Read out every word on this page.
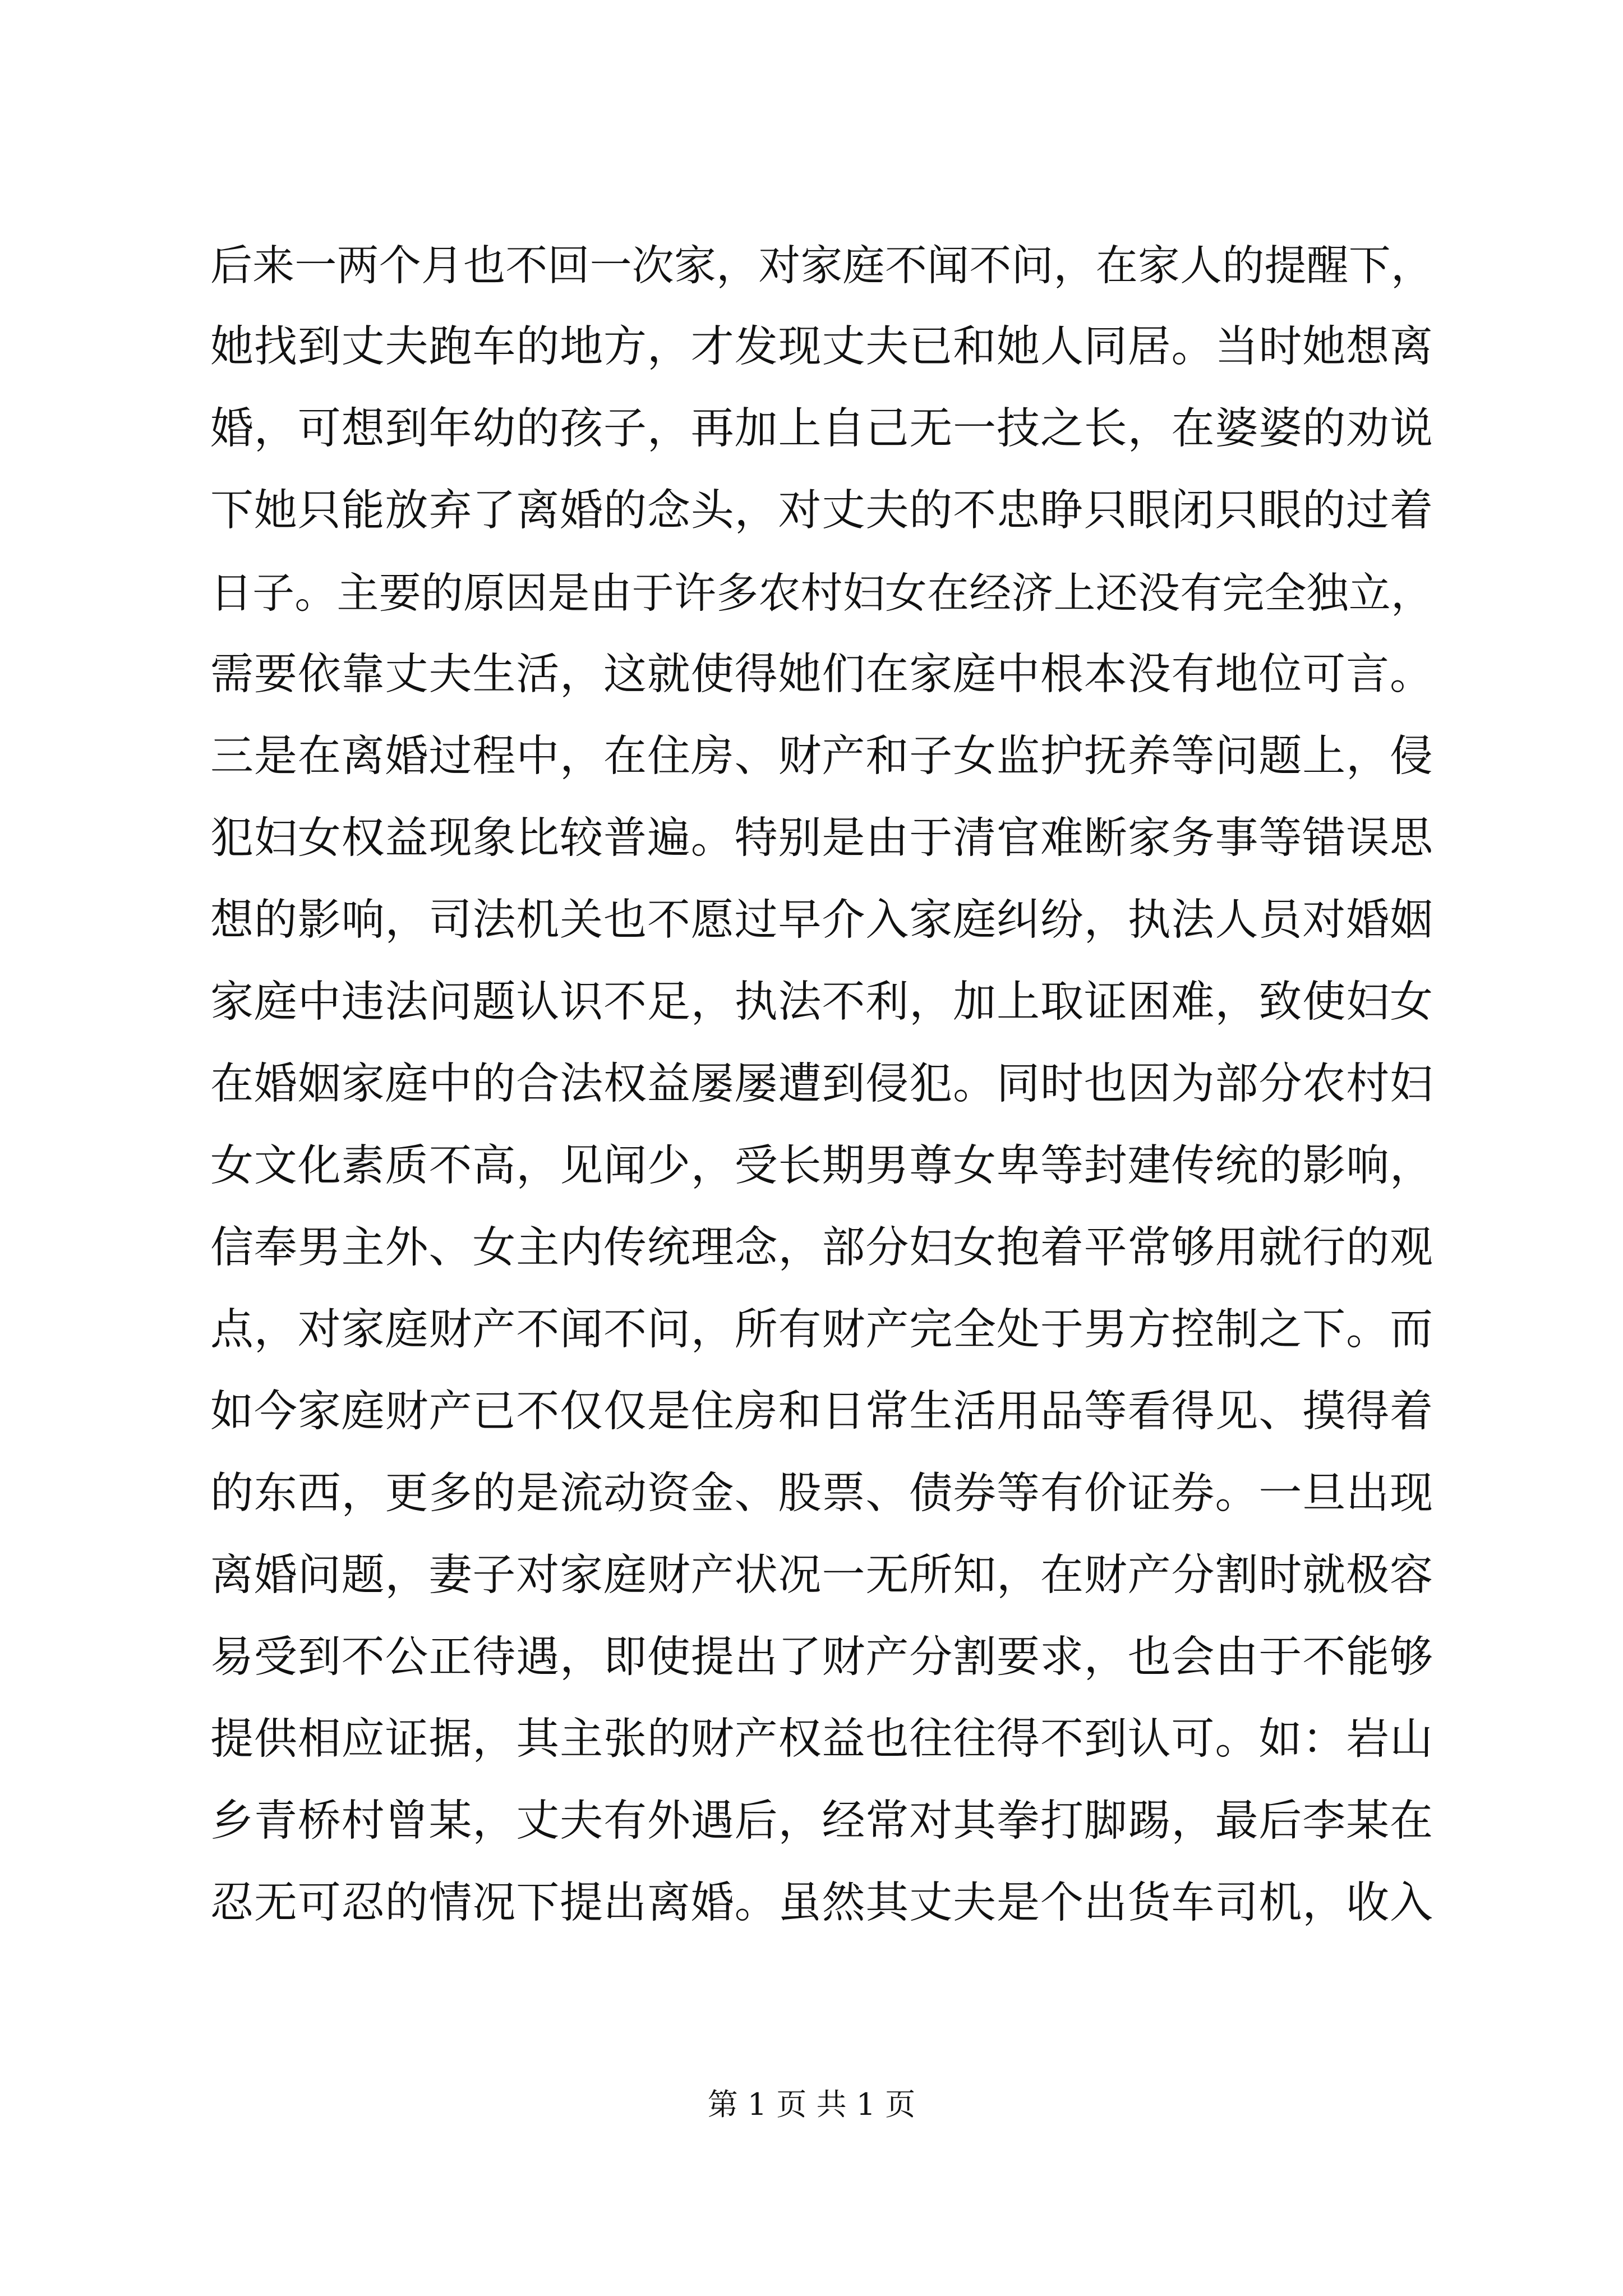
后来一两个月也不回一次家，对家庭不闻不问，在家人的提醒下，
她找到丈夫跑车的地方，才发现丈夫已和她人同居。当时她想离
婚，可想到年幼的孩子，再加上自己无一技之长，在婆婆的劝说
下她只能放弃了离婚的念头，对丈夫的不忠睁只眼闭只眼的过着
日子。主要的原因是由于许多农村妇女在经济上还没有完全独立，
需要依靠丈夫生活，这就使得她们在家庭中根本没有地位可言。
三是在离婚过程中，在住房、财产和子女监护抚养等问题上，侵
犯妇女权益现象比较普遍。特别是由于清官难断家务事等错误思
想的影响，司法机关也不愿过早介入家庭纠纷，执法人员对婚姻
家庭中违法问题认识不足，执法不利，加上取证困难，致使妇女
在婚姻家庭中的合法权益屡屡遭到侵犯。同时也因为部分农村妇
女文化素质不高，见闻少，受长期男尊女卑等封建传统的影响，
信奉男主外、女主内传统理念，部分妇女抱着平常够用就行的观
点，对家庭财产不闻不问，所有财产完全处于男方控制之下。而
如今家庭财产已不仅仅是住房和日常生活用品等看得见、摸得着
的东西，更多的是流动资金、股票、债券等有价证券。一旦出现
离婚问题，妻子对家庭财产状况一无所知，在财产分割时就极容
易受到不公正待遇，即使提出了财产分割要求，也会由于不能够
提供相应证据，其主张的财产权益也往往得不到认可。如：岩山
乡青桥村曾某，丈夫有外遇后，经常对其拳打脚踢，最后李某在
忍无可忍的情况下提出离婚。虽然其丈夫是个出货车司机，收入
第 1 页 共 1 页
